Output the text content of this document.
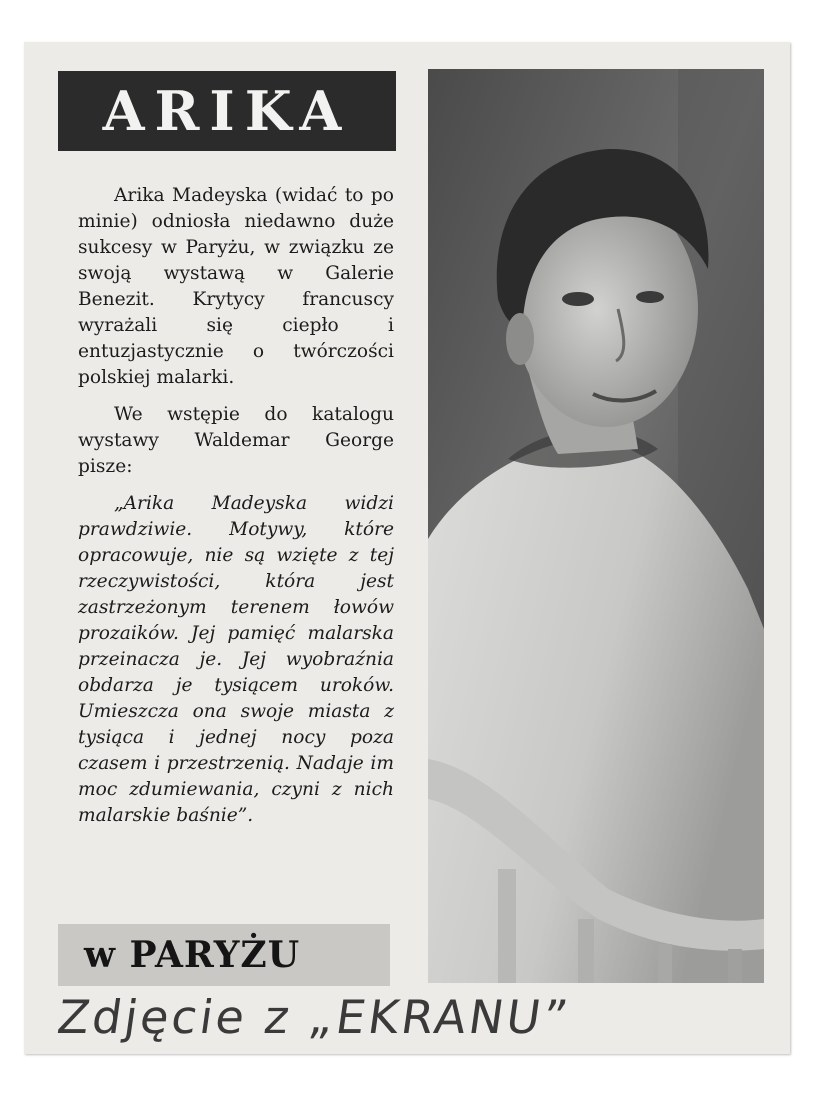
ARIKA

Arika Madeyska (widać to po minie) odniosła niedawno duże sukcesy w Paryżu, w związku ze swoją wystawą w Galerie Benezit. Krytycy francuscy wyrażali się ciepło i entuzjastycznie o twórczości polskiej malarki.

We wstępie do katalogu wystawy Waldemar George pisze:

„Arika Madeyska widzi prawdziwie. Motywy, które opracowuje, nie są wzięte z tej rzeczywistości, która jest zastrzeżonym terenem łowów prozaików. Jej pamięć malarska przeinacza je. Jej wyobraźnia obdarza je tysiącem uroków. Umieszcza ona swoje miasta z tysiąca i jednej nocy poza czasem i przestrzenią. Nadaje im moc zdumiewania, czyni z nich malarskie baśnie”.

w PARYŻU
Zdjęcie z „EKRANU”
